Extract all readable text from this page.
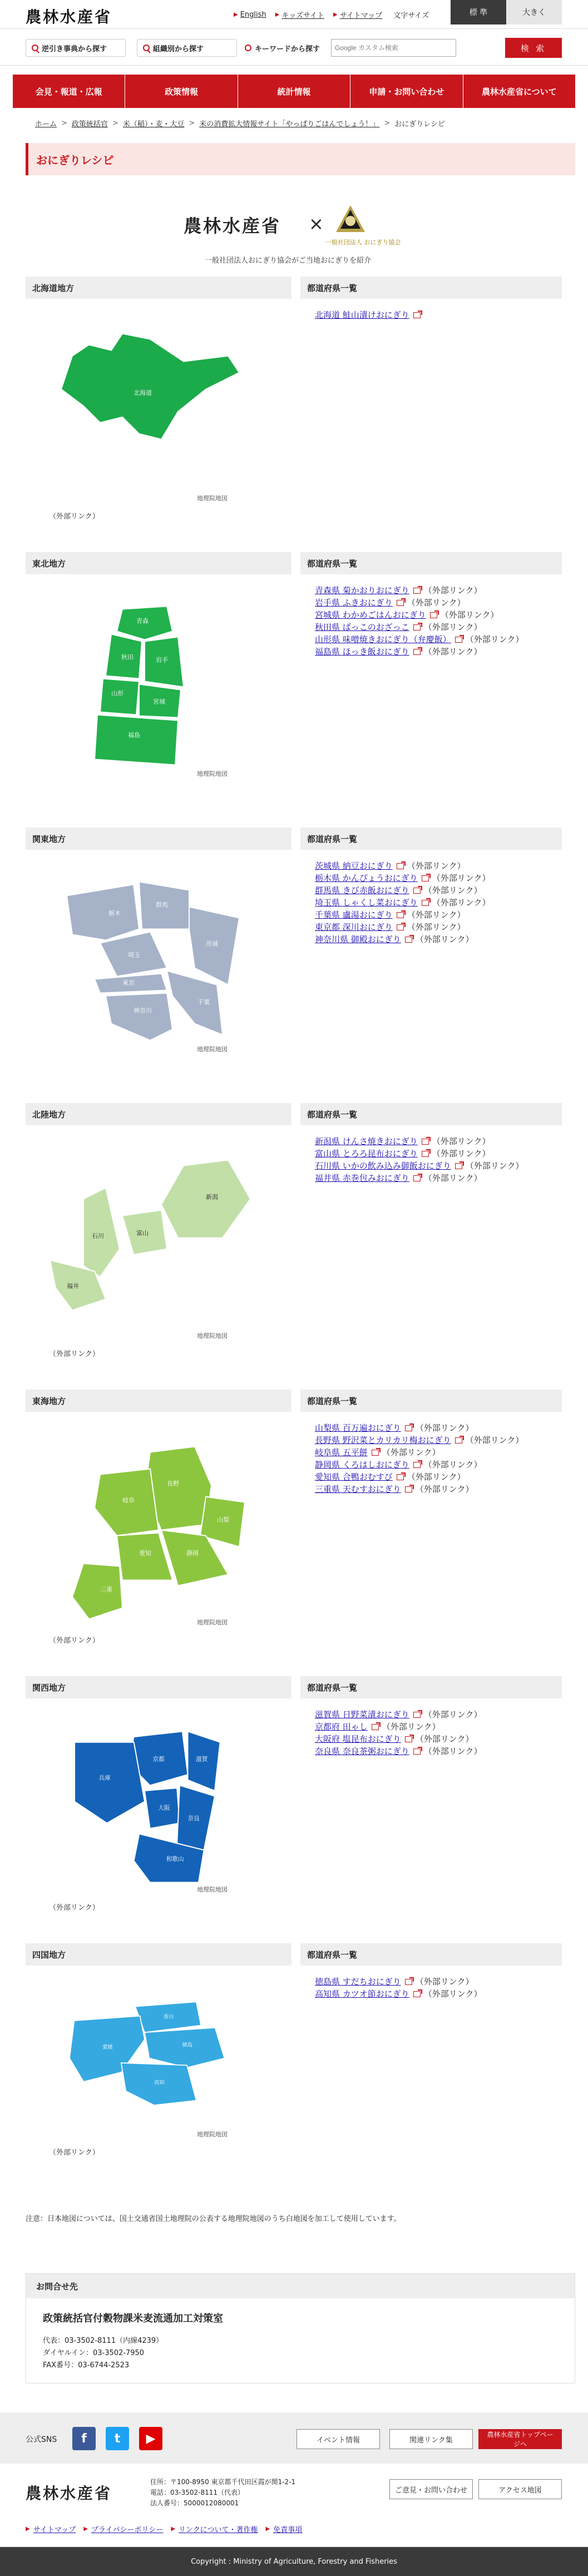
農林水産省	▶ English ▶ キッズサイト ▶ サイトマップ 文字サイズ	標 準	大きく
逆引き事典から探す	組織別から探す	キーワードから探す
Google カスタム検索	検 索
会見・報道・広報	政策情報	統計情報	申請・お問い合わせ	農林水産省について
ホーム > 政策統括官 > 米（稲）・麦・大豆 > 米の消費拡大情報サイト「やっぱりごはんでしょう！」 > おにぎりレシピ
おにぎりレシピ
農林水産省 ×
一般社団法人 おにぎり協会
一般社団法人おにぎり協会がご当地おにぎりを紹介
北海道地方	都道府県一覧
北海道 鮭山漬けおにぎり
北海道
地理院地図
（外部リンク）
東北地方	都道府県一覧
青森県 菊かおりおにぎり （外部リンク）
岩手県 ふきおにぎり （外部リンク）
宮城県 わかめごはんおにぎり （外部リンク）
秋田県 ばっこのおざっこ （外部リンク）
山形県 味噌焼きおにぎり（弁慶飯） （外部リンク）
福島県 ほっき飯おにぎり （外部リンク）
青森
秋田	岩手
山形
宮城
福島
地理院地図
関東地方	都道府県一覧
茨城県 納豆おにぎり （外部リンク）
栃木県 かんぴょうおにぎり （外部リンク）
群馬県 きび赤飯おにぎり （外部リンク）
埼玉県 しゃくし菜おにぎり （外部リンク）
千葉県 盧湯おにぎり （外部リンク）
東京都 深川おにぎり （外部リンク）
神奈川県 御殿おにぎり （外部リンク）
栃木
群馬
茨城
埼玉
東京
千葉
神奈川
地理院地図
北陸地方	都道府県一覧
新潟県 けんさ焼きおにぎり （外部リンク）
富山県 とろろ昆布おにぎり （外部リンク）
石川県 いかの飲み込み御飯おにぎり （外部リンク）
福井県 赤巻包みおにぎり （外部リンク）
新潟
富山
石川
福井
地理院地図
（外部リンク）
東海地方	都道府県一覧
山梨県 百万遍おにぎり （外部リンク）
長野県 野沢菜とカリカリ梅おにぎり （外部リンク）
岐阜県 五平餅 （外部リンク）
静岡県 くろはしおにぎり （外部リンク）
愛知県 合鴨おむすび （外部リンク）
三重県 天むすおにぎり （外部リンク）
長野
山梨
岐阜
静岡
愛知
三重
地理院地図
（外部リンク）
関西地方	都道府県一覧
滋賀県 日野菜漬おにぎり （外部リンク）
京都府 田ゃし （外部リンク）
大阪府 塩昆布おにぎり （外部リンク）
奈良県 奈良茶粥おにぎり （外部リンク）
京都	滋賀
兵庫
大阪
奈良
和歌山
地理院地図
（外部リンク）
四国地方	都道府県一覧
徳島県 すだちおにぎり （外部リンク）
高知県 カツオ節おにぎり （外部リンク）
香川
愛媛	徳島
高知
地理院地図
（外部リンク）
注意：日本地図については、国土交通省国土地理院の公表する地理院地図のうち白地図を加工して使用しています。
お問合せ先
政策統括官付穀物課米麦流通加工対策室
代表：03-3502-8111（内線4239）
ダイヤルイン：03-3502-7950
FAX番号：03-6744-2523
公式SNS	f	t	▶	イベント情報	関連リンク集
農林水産省トップページへ
農林水産省
住所：〒100-8950 東京都千代田区霞が関1-2-1
電話：03-3502-8111（代表）
法人番号：5000012080001
ご意見・お問い合わせ	アクセス地図
▶ サイトマップ ▶ プライバシーポリシー ▶ リンクについて・著作権 ▶ 免責事項
Copyright : Ministry of Agriculture, Forestry and Fisheries
